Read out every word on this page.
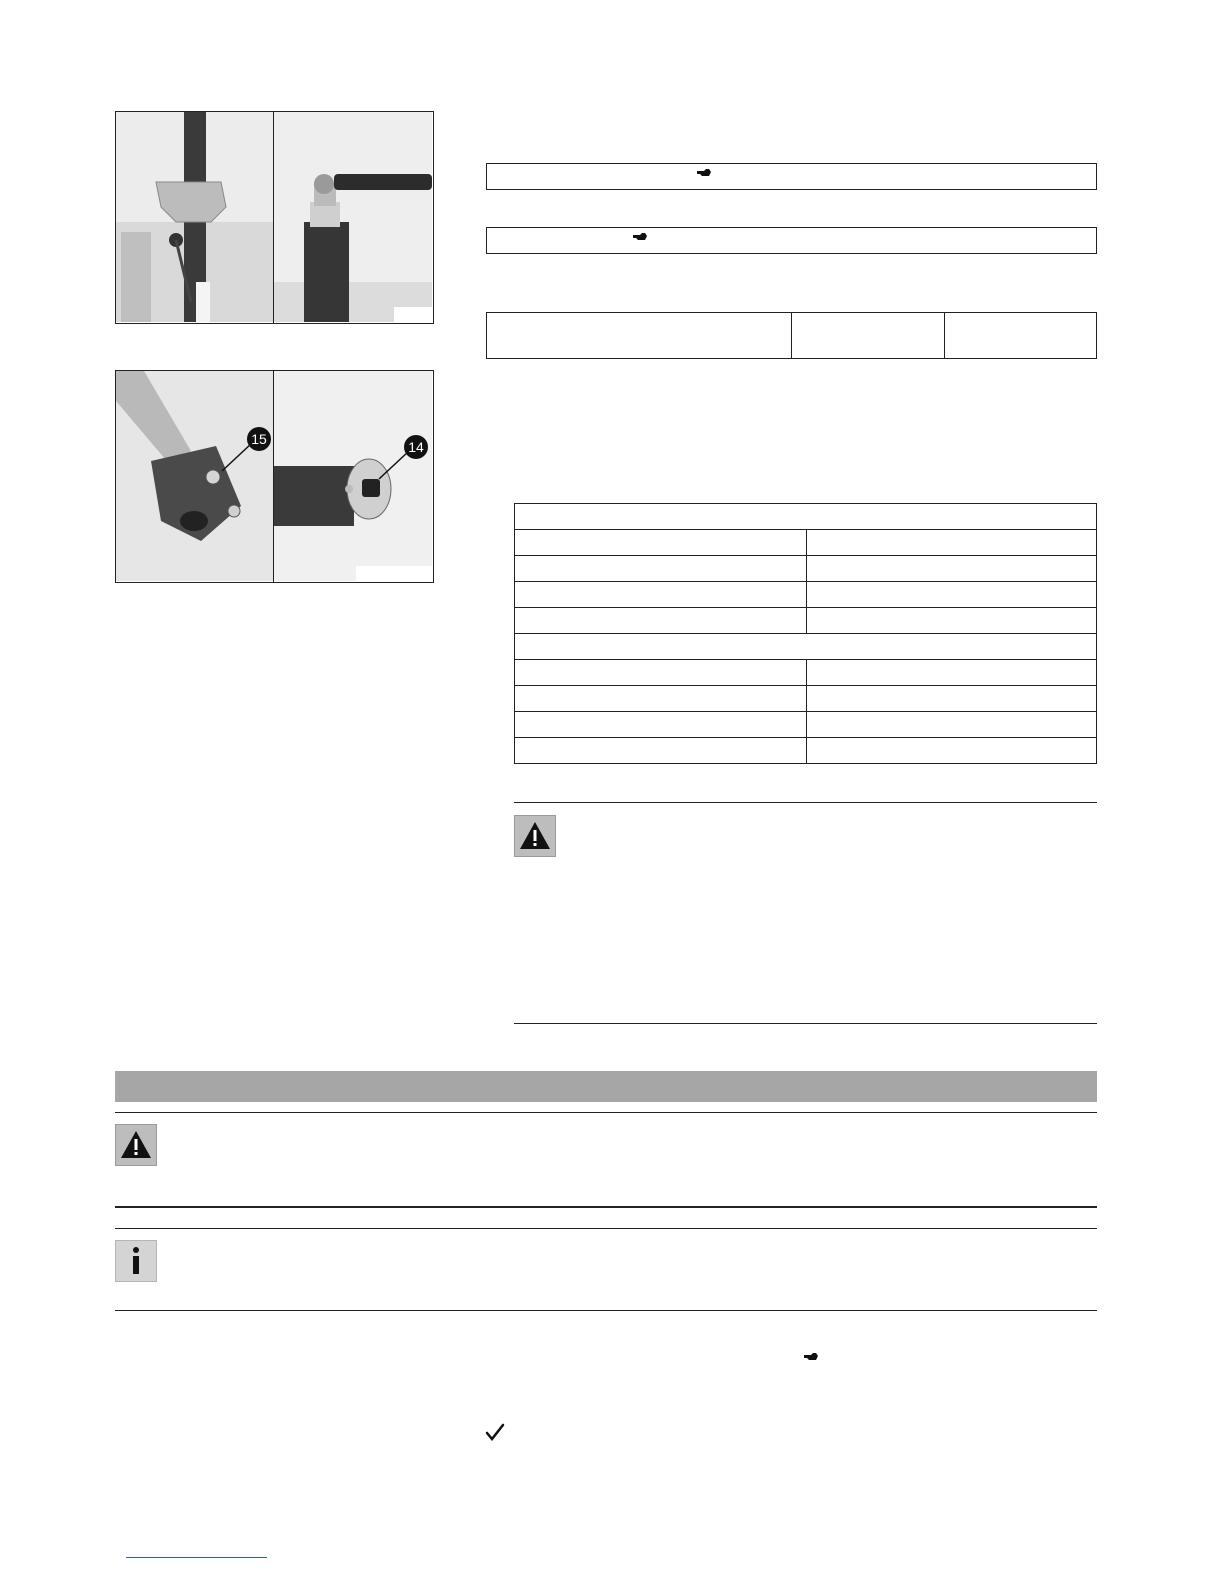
15	14
